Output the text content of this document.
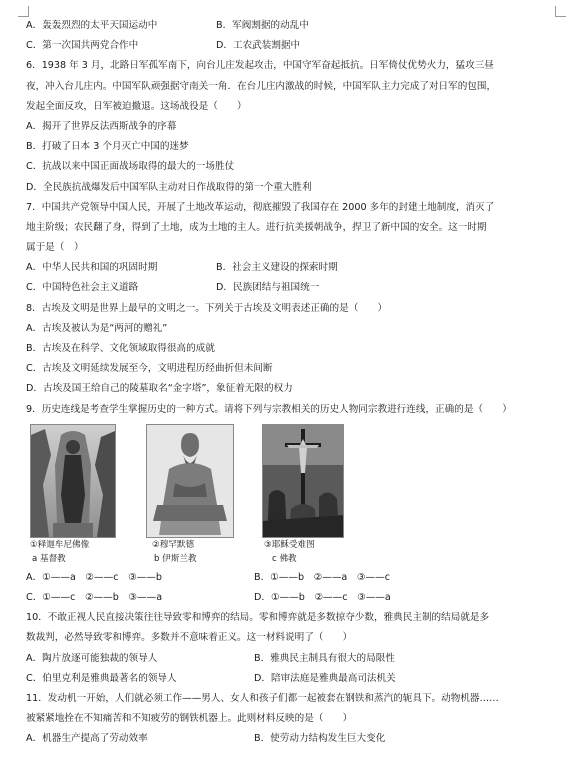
A．轰轰烈烈的太平天国运动中	B．军阀割据的动乱中
C．第一次国共两党合作中	D．工农武装割据中
6．1938 年 3 月，北路日军孤军南下，向台儿庄发起攻击，中国守军奋起抵抗。日军倚仗优势火力，猛攻三昼
夜，冲入台儿庄内。中国军队顽强据守南关一角．在台儿庄内激战的时候，中国军队主力完成了对日军的包围，
发起全面反攻，日军被迫撤退。这场战役是（　　）
A．揭开了世界反法西斯战争的序幕
B．打破了日本 3 个月灭亡中国的迷梦
C．抗战以来中国正面战场取得的最大的一场胜仗
D．全民族抗战爆发后中国军队主动对日作战取得的第一个重大胜利
7．中国共产党领导中国人民，开展了土地改革运动，彻底摧毁了我国存在 2000 多年的封建土地制度，消灭了
地主阶级；农民翻了身，得到了土地，成为土地的主人。进行抗美援朝战争，捍卫了新中国的安全。这一时期
属于是（　）
A．中华人民共和国的巩固时期	B．社会主义建设的探索时期
C．中国特色社会主义道路	D．民族团结与祖国统一
8．古埃及文明是世界上最早的文明之一。下列关于古埃及文明表述正确的是（　　）
A．古埃及被认为是“两河的赠礼”
B．古埃及在科学、文化领域取得很高的成就
C．古埃及文明延续发展至今，文明进程历经曲折但未间断
D．古埃及国王给自己的陵墓取名“金字塔”，象征着无限的权力
9．历史连线是考查学生掌握历史的一种方式。请将下列与宗教相关的历史人物同宗教进行连线，正确的是（　　）
①释迦牟尼佛像	②穆罕默德	③耶稣受难图
a 基督教	b 伊斯兰教	c 佛教
A．①——a　②——c　③——b	B．①——b　②——a　③——c
C．①——c　②——b　③——a	D．①——b　②——c　③——a
10．不敢正视人民直接决策往往导致零和博弈的结局。零和博弈就是多数掠夺少数，雅典民主制的结局就是多
数裁判，必然导致零和博弈。多数并不意味着正义。这一材料说明了（　　）
A．陶片放逐可能独裁的领导人	B．雅典民主制具有很大的局限性
C．伯里克利是雅典最著名的领导人	D．陪审法庭是雅典最高司法机关
11．发动机一开始，人们就必须工作——男人、女人和孩子们都一起被套在钢铁和蒸汽的轭具下。动物机器……
被紧紧地拴在不知痛苦和不知疲劳的钢铁机器上。此则材料反映的是（　　）
A．机器生产提高了劳动效率	B．使劳动力结构发生巨大变化
